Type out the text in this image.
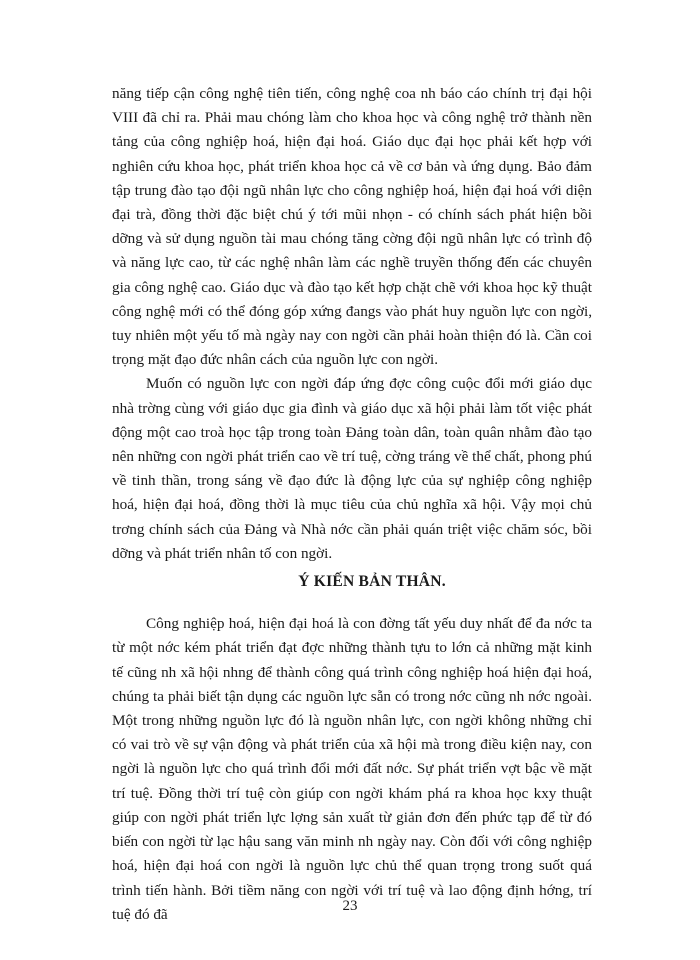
năng tiếp cận công nghệ tiên tiến, công nghệ coa nh báo cáo chính trị đại hội VIII đã chỉ ra. Phải mau chóng làm cho khoa học và công nghệ trở thành nền tảng của công nghiệp hoá, hiện đại hoá. Giáo dục đại học phải kết hợp với nghiên cứu khoa học, phát triển khoa học cả về cơ bản và ứng dụng. Bảo đảm tập trung đào tạo đội ngũ nhân lực cho công nghiệp hoá, hiện đại hoá với diện đại trà, đồng thời đặc biệt chú ý tới mũi nhọn - có chính sách phát hiện bồi dỡng và sử dụng nguồn tài mau chóng tăng cờng đội ngũ nhân lực có trình độ và năng lực cao, từ các nghệ nhân làm các nghề truyền thống đến các chuyên gia công nghệ cao. Giáo dục và đào tạo kết hợp chặt chẽ với khoa học kỹ thuật công nghệ mới có thể đóng góp xứng đangs vào phát huy nguồn lực con ngời, tuy nhiên một yếu tố mà ngày nay con ngời cần phải hoàn thiện đó là. Cần coi trọng mặt đạo đức nhân cách của nguồn lực con ngời.

Muốn có nguồn lực con ngời đáp ứng đợc công cuộc đổi mới giáo dục nhà trờng cùng với giáo dục gia đình và giáo dục xã hội phải làm tốt việc phát động một cao troà học tập trong toàn Đảng toàn dân, toàn quân nhằm đào tạo nên những con ngời phát triển cao về trí tuệ, cờng tráng về thể chất, phong phú về tinh thần, trong sáng về đạo đức là động lực của sự nghiệp công nghiệp hoá, hiện đại hoá, đồng thời là mục tiêu của chủ nghĩa xã hội. Vậy mọi chủ trơng chính sách của Đảng và Nhà nớc cần phải quán triệt việc chăm sóc, bồi dỡng và phát triển nhân tố con ngời.

Ý KIẾN BẢN THÂN.

Công nghiệp hoá, hiện đại hoá là con đờng tất yếu duy nhất để đa nớc ta từ một nớc kém phát triển đạt đợc những thành tựu to lớn cả những mặt kinh tế cũng nh xã hội nhng để thành công quá trình công nghiệp hoá hiện đại hoá, chúng ta phải biết tận dụng các nguồn lực sẵn có trong nớc cũng nh nớc ngoài. Một trong những nguồn lực đó là nguồn nhân lực, con ngời không những chỉ có vai trò về sự vận động và phát triển của xã hội mà trong điều kiện nay, con ngời là nguồn lực cho quá trình đổi mới đất nớc. Sự phát triển vợt bậc về mặt trí tuệ. Đồng thời trí tuệ còn giúp con ngời khám phá ra khoa học kxy thuật giúp con ngời phát triển lực lợng sản xuất từ giản đơn đến phức tạp để từ đó biến con ngời từ lạc hậu sang văn minh nh ngày nay. Còn đối với công nghiệp hoá, hiện đại hoá con ngời là nguồn lực chủ thể quan trọng trong suốt quá trình tiến hành. Bởi tiềm năng con ngời với trí tuệ và lao động định hớng, trí tuệ đó đã	23
